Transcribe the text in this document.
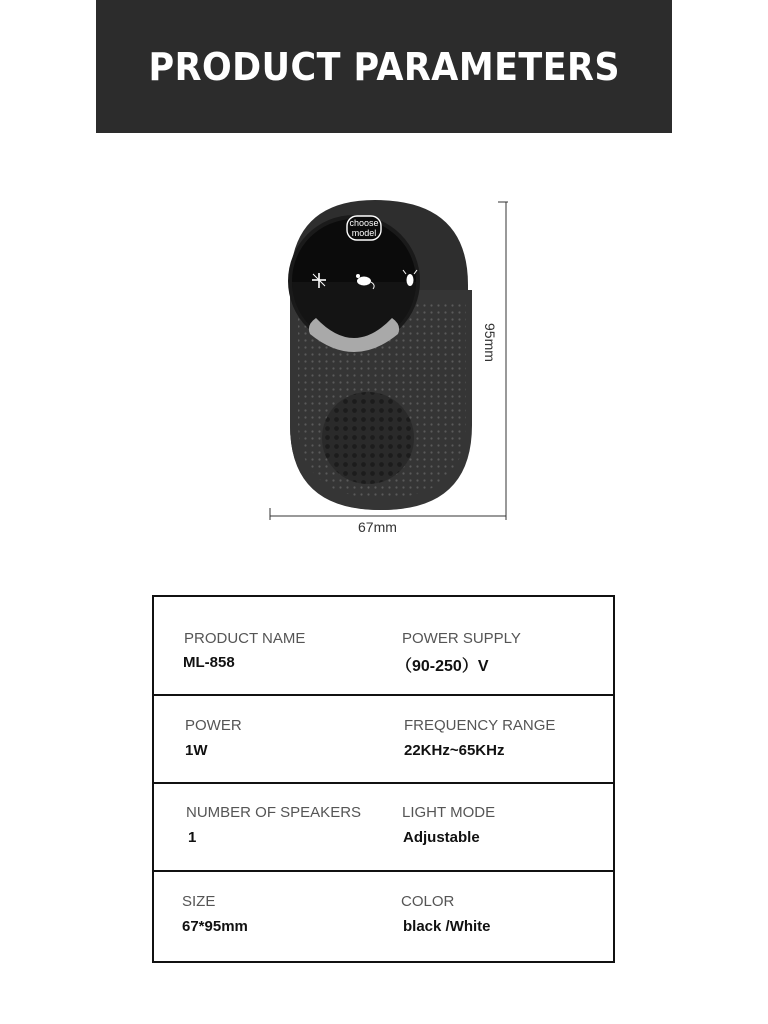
PRODUCT PARAMETERS
choose
model
67mm
95mm
PRODUCT NAME
ML-858
POWER SUPPLY
（90-250）V
POWER
1W
FREQUENCY RANGE
22KHz~65KHz
NUMBER OF SPEAKERS
1
LIGHT MODE
Adjustable
SIZE
67*95mm
COLOR
black /White
